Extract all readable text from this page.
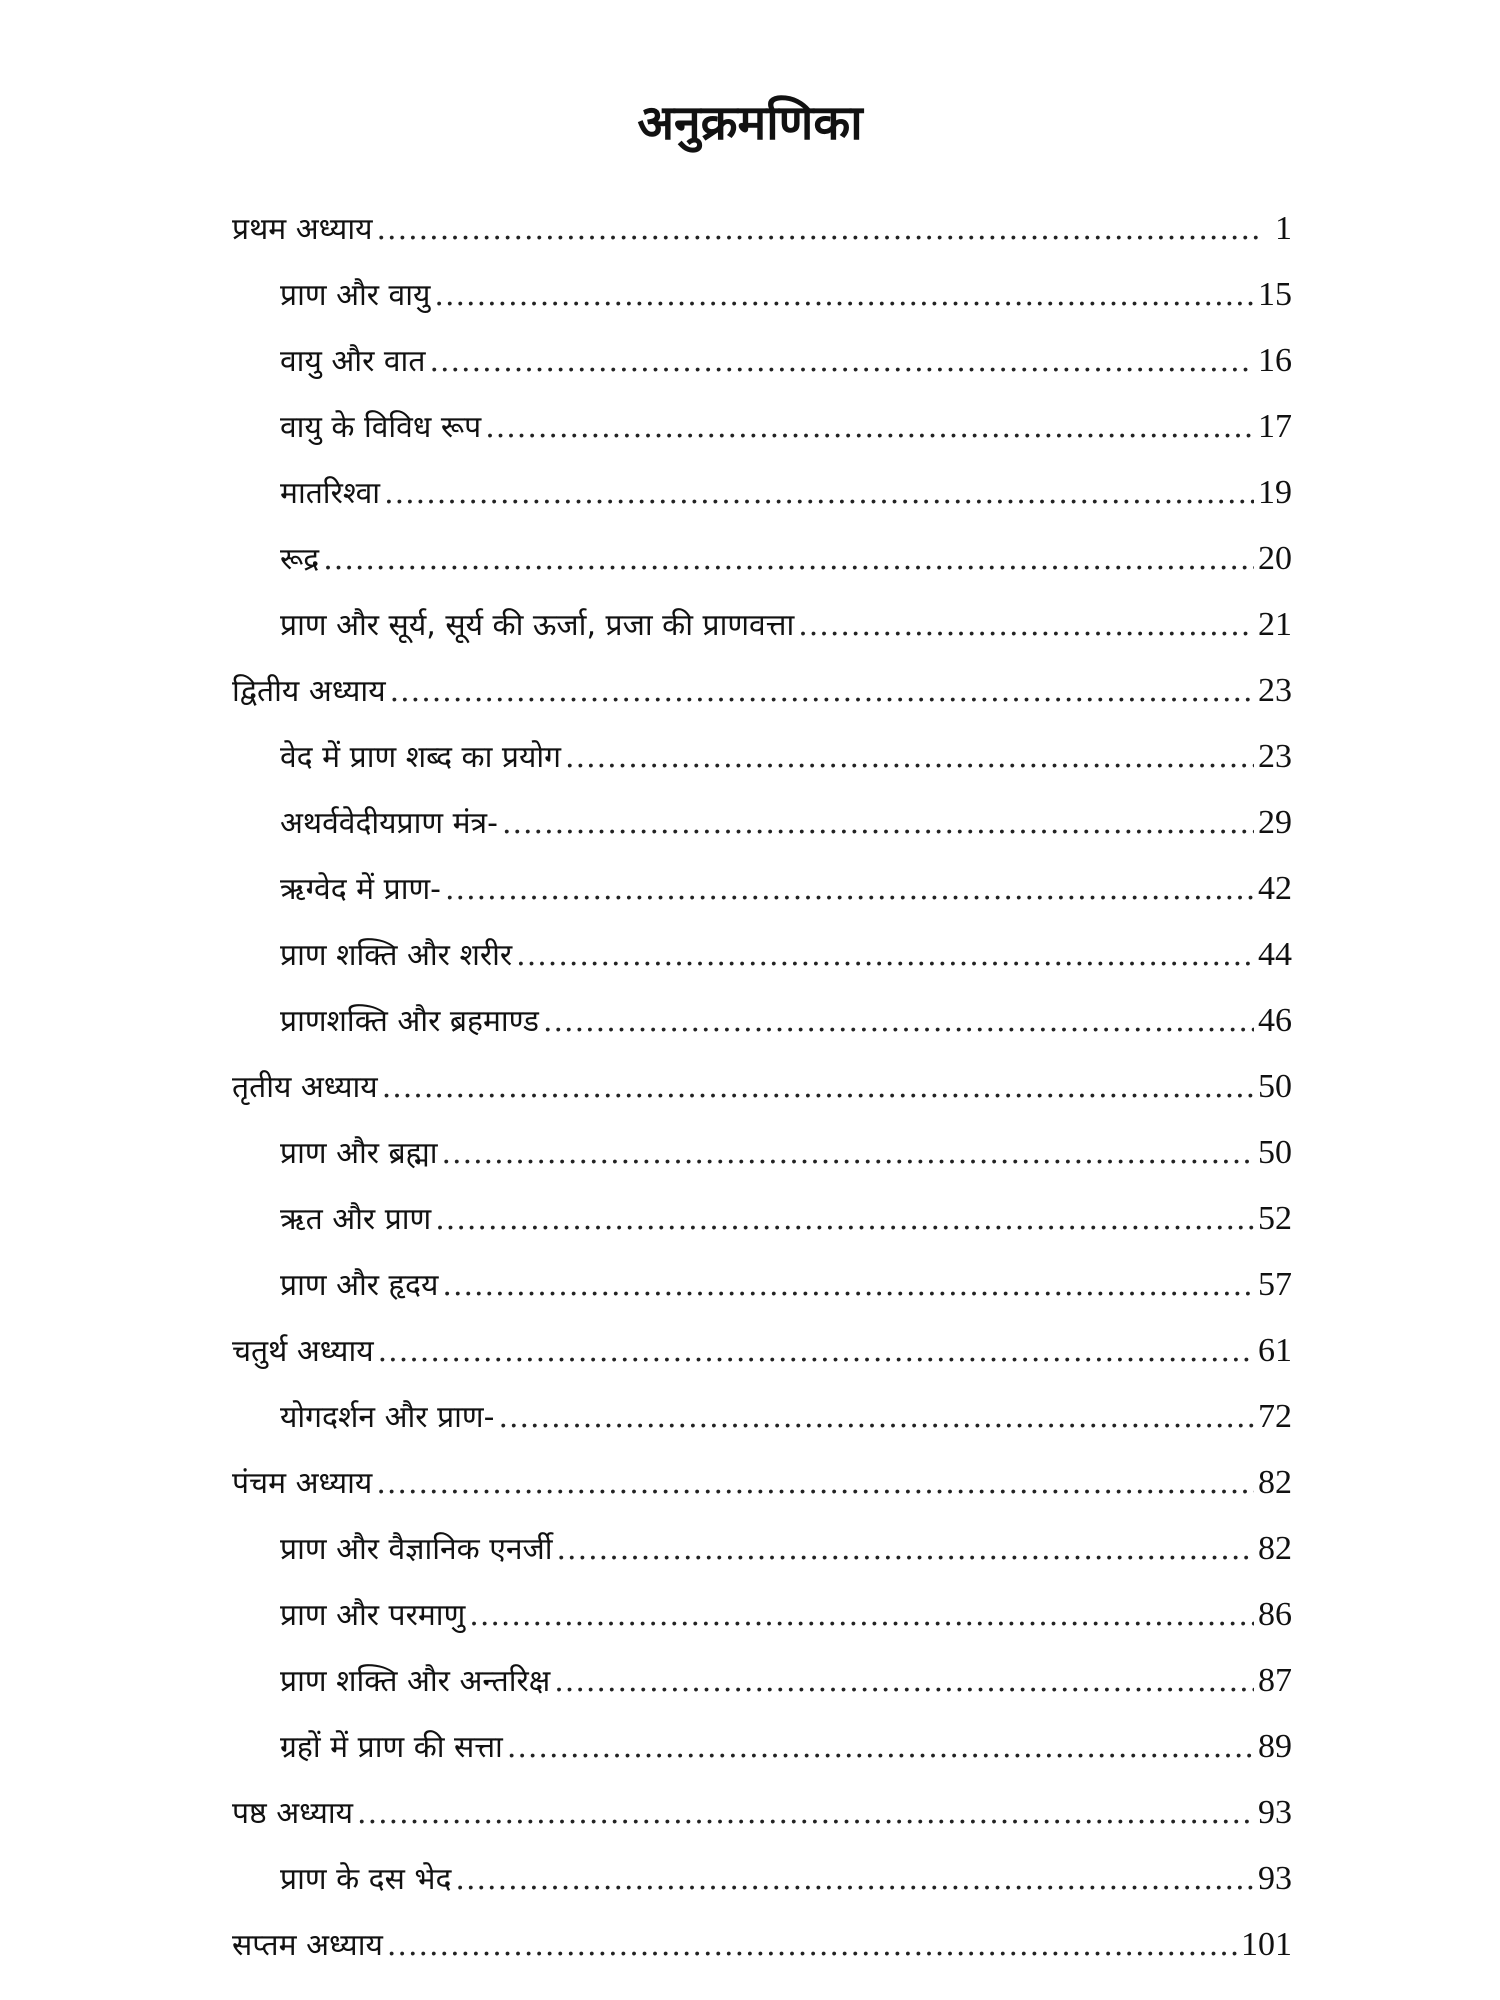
अनुक्रमणिका
प्रथम अध्याय .....	1
प्राण और वायु .....	15
वायु और वात .....	16
वायु के विविध रूप .....	17
मातरिश्वा .....	19
रूद्र .....	20
प्राण और सूर्य, सूर्य की ऊर्जा, प्रजा की प्राणवत्ता .....	21
द्वितीय अध्याय .....	23
वेद में प्राण शब्द का प्रयोग .....	23
अथर्ववेदीयप्राण मंत्र- .....	29
ऋग्वेद में प्राण- .....	42
प्राण शक्ति और शरीर .....	44
प्राणशक्ति और ब्रहमाण्ड .....	46
तृतीय अध्याय .....	50
प्राण और ब्रह्मा .....	50
ऋत और प्राण .....	52
प्राण और हृदय .....	57
चतुर्थ अध्याय .....	61
योगदर्शन और प्राण- .....	72
पंचम अध्याय .....	82
प्राण और वैज्ञानिक एनर्जी .....	82
प्राण और परमाणु .....	86
प्राण शक्ति और अन्तरिक्ष .....	87
ग्रहों में प्राण की सत्ता .....	89
पष्ठ अध्याय .....	93
प्राण के दस भेद .....	93
सप्तम अध्याय .....	101
